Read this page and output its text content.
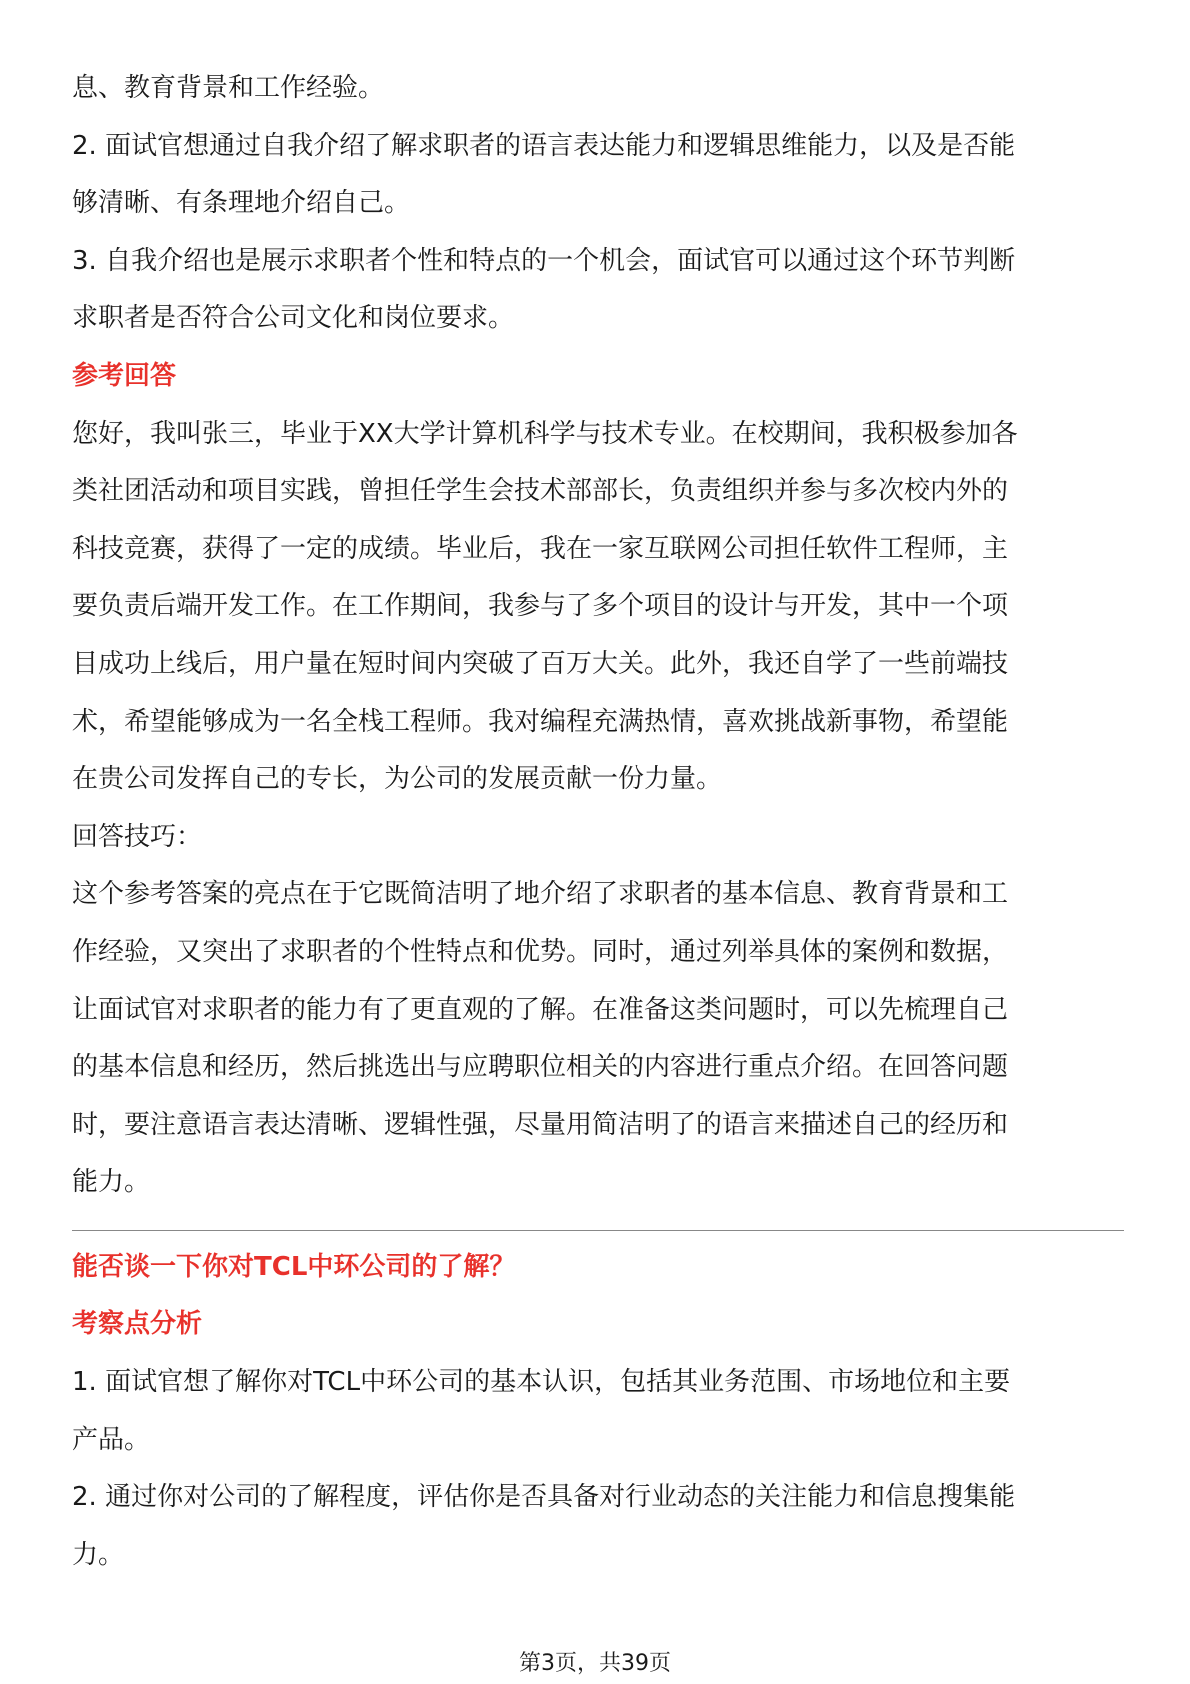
息、教育背景和工作经验。

2. 面试官想通过自我介绍了解求职者的语言表达能力和逻辑思维能力，以及是否能

够清晰、有条理地介绍自己。

3. 自我介绍也是展示求职者个性和特点的一个机会，面试官可以通过这个环节判断

求职者是否符合公司文化和岗位要求。

参考回答

您好，我叫张三，毕业于XX大学计算机科学与技术专业。在校期间，我积极参加各

类社团活动和项目实践，曾担任学生会技术部部长，负责组织并参与多次校内外的

科技竞赛，获得了一定的成绩。毕业后，我在一家互联网公司担任软件工程师，主

要负责后端开发工作。在工作期间，我参与了多个项目的设计与开发，其中一个项

目成功上线后，用户量在短时间内突破了百万大关。此外，我还自学了一些前端技

术，希望能够成为一名全栈工程师。我对编程充满热情，喜欢挑战新事物，希望能

在贵公司发挥自己的专长，为公司的发展贡献一份力量。

回答技巧：

这个参考答案的亮点在于它既简洁明了地介绍了求职者的基本信息、教育背景和工

作经验，又突出了求职者的个性特点和优势。同时，通过列举具体的案例和数据，

让面试官对求职者的能力有了更直观的了解。在准备这类问题时，可以先梳理自己

的基本信息和经历，然后挑选出与应聘职位相关的内容进行重点介绍。在回答问题

时，要注意语言表达清晰、逻辑性强，尽量用简洁明了的语言来描述自己的经历和

能力。

能否谈一下你对TCL中环公司的了解？

考察点分析

1. 面试官想了解你对TCL中环公司的基本认识，包括其业务范围、市场地位和主要

产品。

2. 通过你对公司的了解程度，评估你是否具备对行业动态的关注能力和信息搜集能

力。

第3页，共39页
